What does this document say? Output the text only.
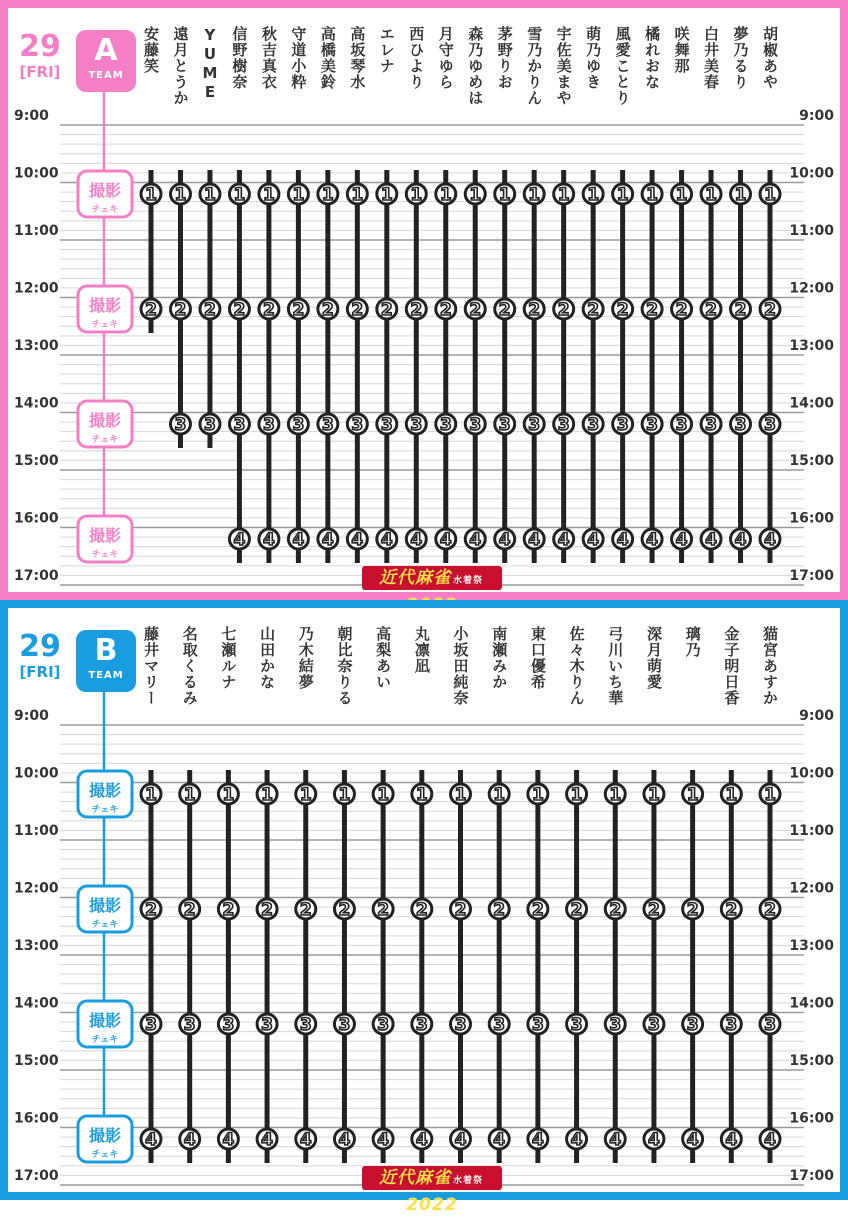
9:00	9:00
10:00	10:00
11:00	11:00
12:00	12:00
13:00	13:00
14:00	14:00
15:00	15:00
16:00	16:00
17:00	17:00
撮影
チェキ
撮影
チェキ
撮影
チェキ
撮影
チェキ
1
2
1
2
3
1
2
3
1
2
3
4
1
2
3
4
1
2
3
4
1
2
3
4
1
2
3
4
1
2
3
4
1
2
3
4
1
2
3
4
1
2
3
4
1
2
3
4
1
2
3
4
1
2
3
4
1
2
3
4
1
2
3
4
1
2
3
4
1
2
3
4
1
2
3
4
1
2
3
4
1
2
3
4
29
[FRI]
A
TEAM
安藤笑 遠月とうか YUME 信野樹奈 秋吉真衣 守道小粋 高橋美鈴 高坂琴水 エレナ 西ひより 月守ゆら 森乃ゆめは 茅野りお 雪乃かりん 宇佐美まや 萌乃ゆき 風愛ことり 橘れおな 咲舞那 白井美春 夢乃るり 胡椒あや
近代麻雀 水着祭
9:00	9:00
10:00	10:00
11:00	11:00
12:00	12:00
13:00	13:00
14:00	14:00
15:00	15:00
16:00	16:00
17:00	17:00
撮影
チェキ
撮影
チェキ
撮影
チェキ
撮影
チェキ
1
2
3
4
1
2
3
4
1
2
3
4
1
2
3
4
1
2
3
4
1
2
3
4
1
2
3
4
1
2
3
4
1
2
3
4
1
2
3
4
1
2
3
4
1
2
3
4
1
2
3
4
1
2
3
4
1
2
3
4
1
2
3
4
1
2
3
4
29
[FRI]
B
TEAM	藤井マリー 名取くるみ 七瀬ルナ 山田かな 乃木結夢 朝比奈りる 高梨あい 丸凛凪 小坂田純奈 南瀬みか 東口優希 佐々木りん 弓川いち華 深月萌愛 璃乃 金子明日香 猫宮あすか
近代麻雀 水着祭2022
